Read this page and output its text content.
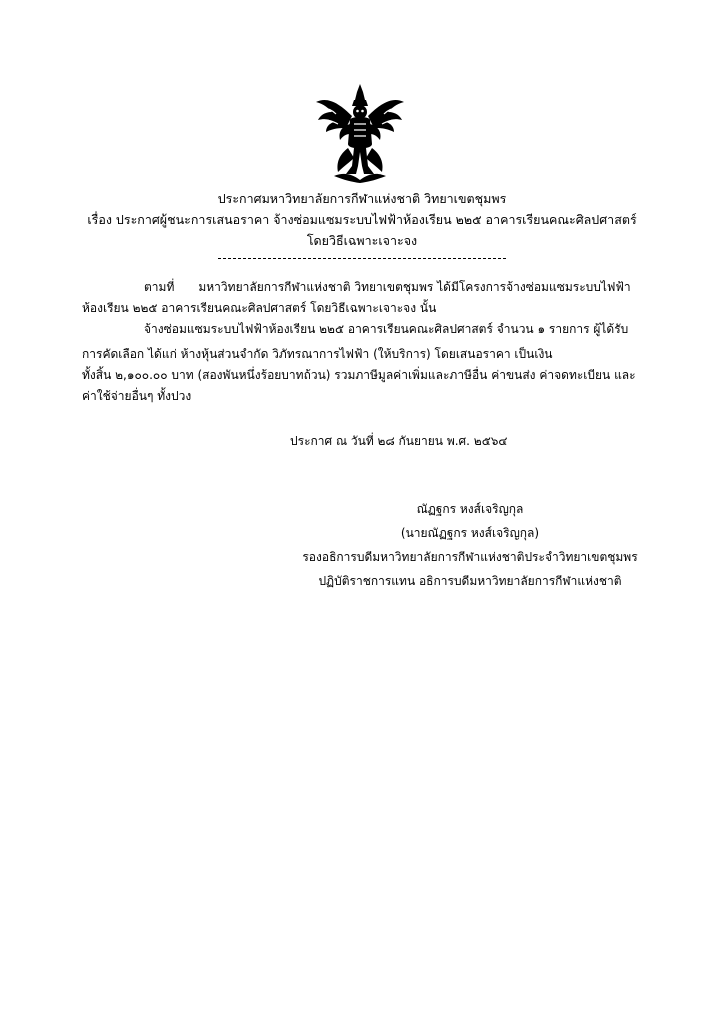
ประกาศมหาวิทยาลัยการกีฬาแห่งชาติ วิทยาเขตชุมพร
เรื่อง ประกาศผู้ชนะการเสนอราคา จ้างซ่อมแซมระบบไฟฟ้าห้องเรียน ๒๒๕ อาคารเรียนคณะศิลปศาสตร์
โดยวิธีเฉพาะเจาะจง
ตามที่ มหาวิทยาลัยการกีฬาแห่งชาติ วิทยาเขตชุมพร ได้มีโครงการจ้างซ่อมแซมระบบไฟฟ้า
ห้องเรียน ๒๒๕ อาคารเรียนคณะศิลปศาสตร์ โดยวิธีเฉพาะเจาะจง นั้น
จ้างซ่อมแซมระบบไฟฟ้าห้องเรียน ๒๒๕ อาคารเรียนคณะศิลปศาสตร์ จำนวน ๑ รายการ ผู้ได้รับ
การคัดเลือก ได้แก่ ห้างหุ้นส่วนจำกัด วิภัทรณาการไฟฟ้า (ให้บริการ) โดยเสนอราคา เป็นเงิน
ทั้งสิ้น ๒,๑๐๐.๐๐ บาท (สองพันหนึ่งร้อยบาทถ้วน) รวมภาษีมูลค่าเพิ่มและภาษีอื่น ค่าขนส่ง ค่าจดทะเบียน และ
ค่าใช้จ่ายอื่นๆ ทั้งปวง
ประกาศ ณ วันที่ ๒๘ กันยายน พ.ศ. ๒๕๖๔
ณัฏฐกร หงส์เจริญกุล
(นายณัฏฐกร หงส์เจริญกุล)
รองอธิการบดีมหาวิทยาลัยการกีฬาแห่งชาติประจำวิทยาเขตชุมพร
ปฏิบัติราชการแทน อธิการบดีมหาวิทยาลัยการกีฬาแห่งชาติ
